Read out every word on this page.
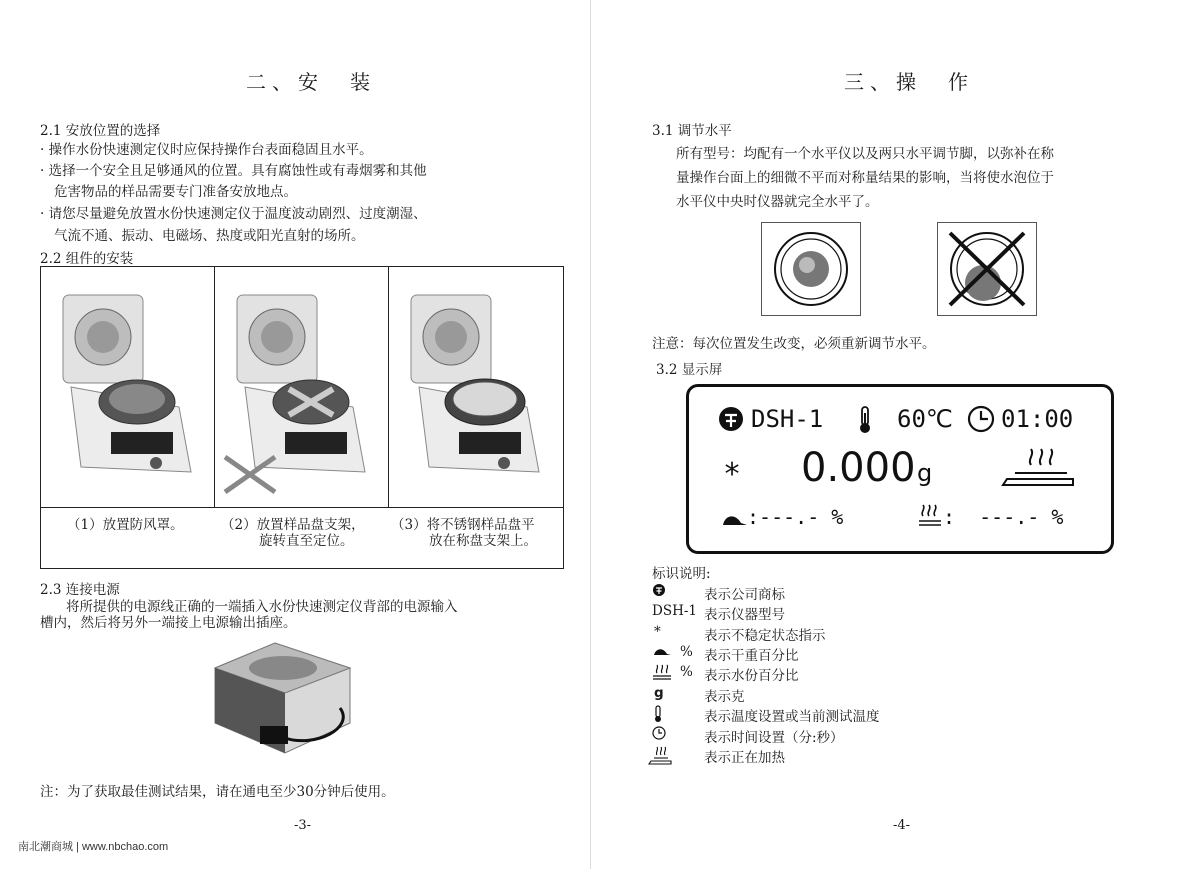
二、安　装
2.1 安放位置的选择
· 操作水份快速测定仪时应保持操作台表面稳固且水平。
· 选择一个安全且足够通风的位置。具有腐蚀性或有毒烟雾和其他
危害物品的样品需要专门准备安放地点。
· 请您尽量避免放置水份快速测定仪于温度波动剧烈、过度潮湿、
气流不通、振动、电磁场、热度或阳光直射的场所。
2.2 组件的安装
（1）放置防风罩。	（2）放置样品盘支架，
旋转直至定位。
（3）将不锈钢样品盘平
放在称盘支架上。
2.3 连接电源
将所提供的电源线正确的一端插入水份快速测定仪背部的电源输入
槽内，然后将另外一端接上电源输出插座。
注：为了获取最佳测试结果，请在通电至少30分钟后使用。
-3-
三、操　作
3.1 调节水平
所有型号：均配有一个水平仪以及两只水平调节脚，以弥补在称
量操作台面上的细微不平而对称量结果的影响，当将使水泡位于
水平仪中央时仪器就完全水平了。
注意：每次位置发生改变，必须重新调节水平。
3.2 显示屏
DSH-1	60℃ 01:00
* 0.000 g
:---.- %	:  ---.- %
标识说明:
表示公司商标
DSH-1 表示仪器型号
*	表示不稳定状态指示
% 表示干重百分比
% 表示水份百分比
g	表示克
表示温度设置或当前测试温度
表示时间设置（分:秒）
表示正在加热
-4-
南北潮商城 | www.nbchao.com
